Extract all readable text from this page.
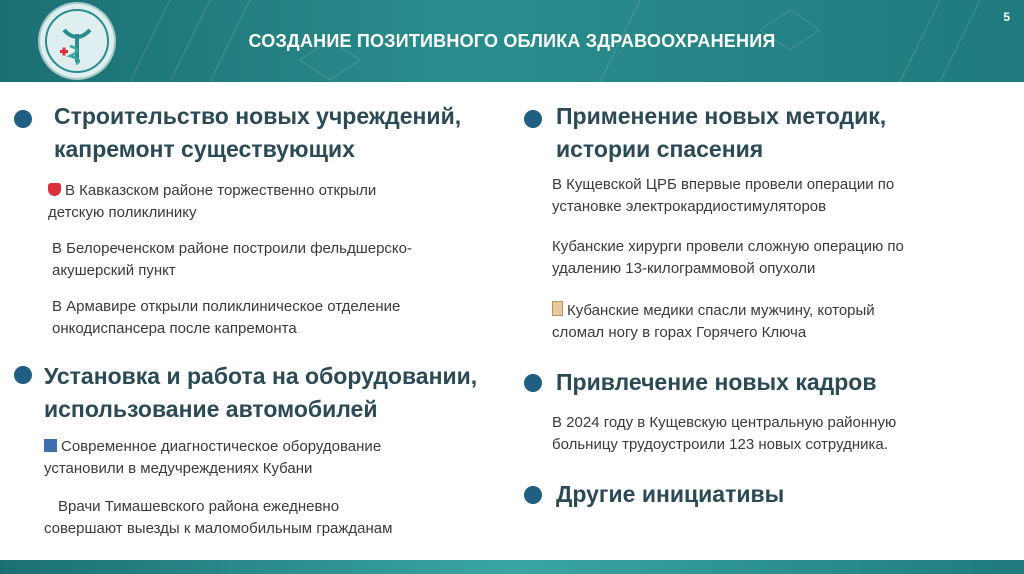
СОЗДАНИЕ ПОЗИТИВНОГО ОБЛИКА ЗДРАВООХРАНЕНИЯ
5
Строительство новых учреждений,
капремонт существующих
В Кавказском районе торжественно открыли
детскую поликлинику
В Белореченском районе построили фельдшерско-
акушерский пункт
В Армавире открыли поликлиническое отделение
онкодиспансера после капремонта
Установка и работа на оборудовании,
использование автомобилей
Современное диагностическое оборудование
установили в медучреждениях Кубани
Врачи Тимашевского района ежедневно
совершают выезды к маломобильным гражданам
Применение новых методик,
истории спасения
В Кущевской ЦРБ впервые провели операции по
установке электрокардиостимуляторов
Кубанские хирурги провели сложную операцию по
удалению 13-килограммовой опухоли
Кубанские медики спасли мужчину, который
сломал ногу в горах Горячего Ключа
Привлечение новых кадров
В 2024 году в Кущевскую центральную районную
больницу трудоустроили 123 новых сотрудника.
Другие инициативы
